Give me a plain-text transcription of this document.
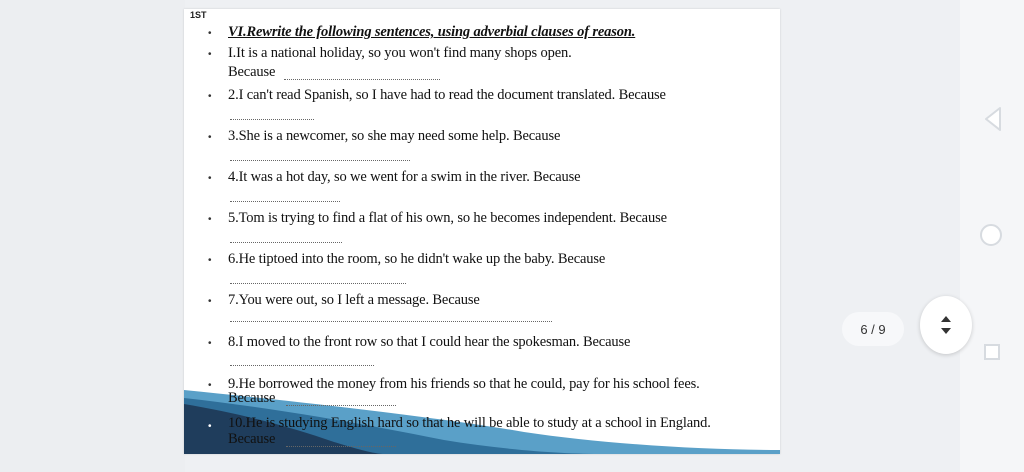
• VI.Rewrite the following sentences, using adverbial clauses of reason.
• I.It is a national holiday, so you won't find many shops open.
Because
• 2.I can't read Spanish, so I have had to read the document translated. Because
• 3.She is a newcomer, so she may need some help. Because
• 4.It was a hot day, so we went for a swim in the river. Because
• 5.Tom is trying to find a flat of his own, so he becomes independent. Because
• 6.He tiptoed into the room, so he didn't wake up the baby. Because
• 7.You were out, so I left a message. Because
• 8.I moved to the front row so that I could hear the spokesman. Because
• 9.He borrowed the money from his friends so that he could, pay for his school fees.
Because
• 10.He is studying English hard so that he will be able to study at a school in England.
Because
1ST
6 / 9
